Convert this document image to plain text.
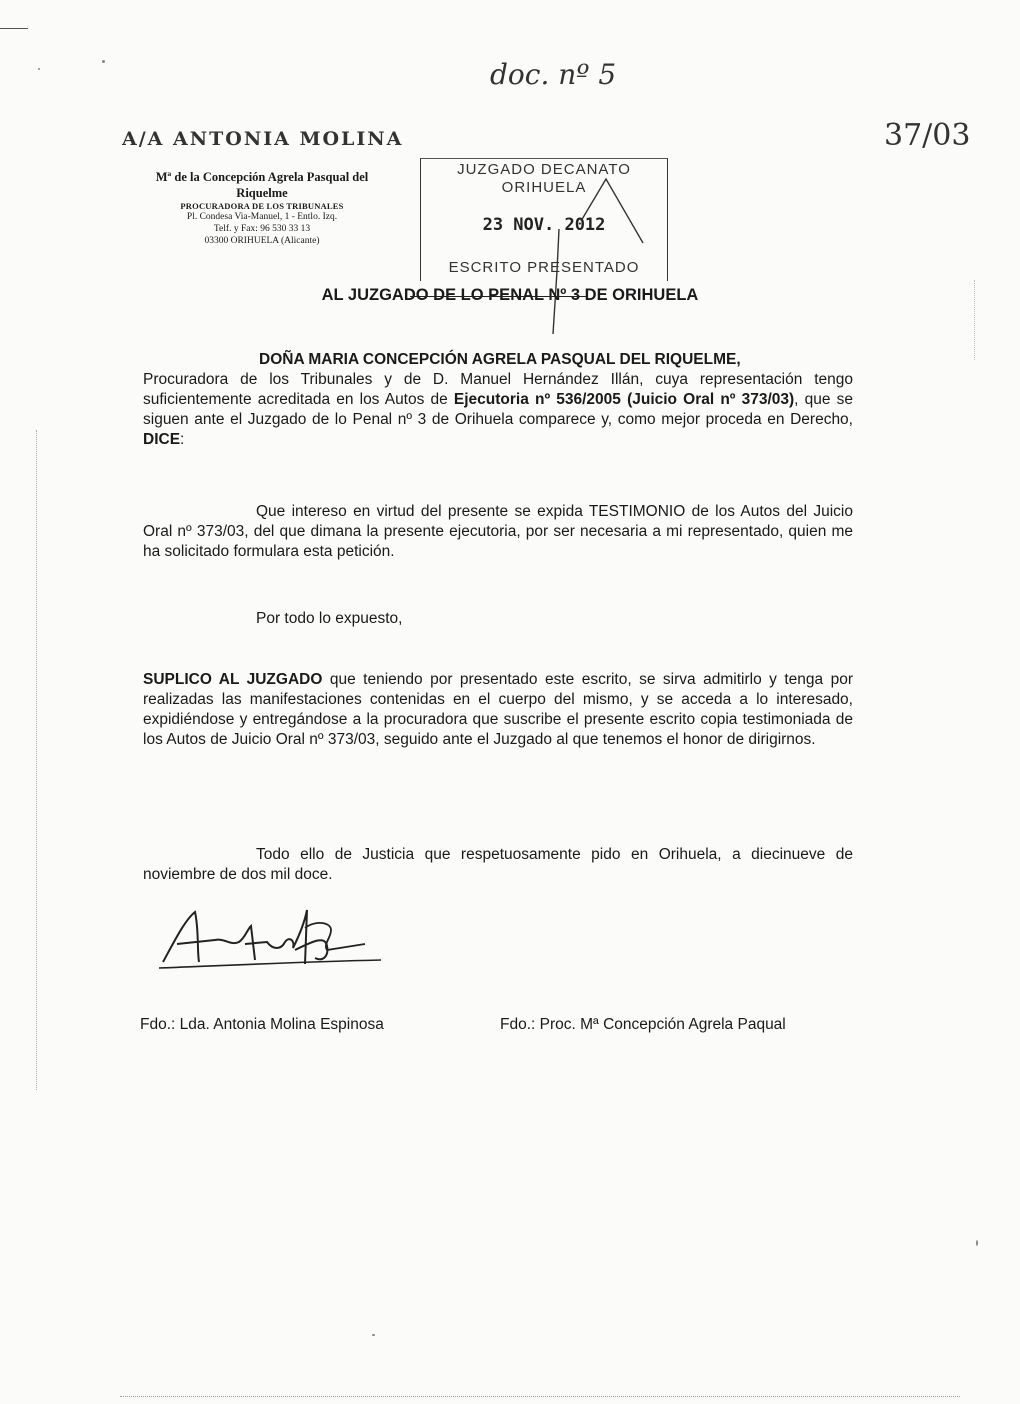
doc. nº 5
37/03
A/A ANTONIA MOLINA
Mª de la Concepción Agrela Pasqual del Riquelme
PROCURADORA DE LOS TRIBUNALES
Pl. Condesa Via-Manuel, 1 - Entlo. Izq.
Telf. y Fax: 96 530 33 13
03300 ORIHUELA (Alicante)
JUZGADO DECANATO
ORIHUELA
23 NOV. 2012
ESCRITO PRESENTADO
AL JUZGADO DE LO PENAL Nº 3 DE ORIHUELA
DOÑA MARIA CONCEPCIÓN AGRELA PASQUAL DEL RIQUELME,
Procuradora de los Tribunales y de D. Manuel Hernández Illán, cuya representación tengo suficientemente acreditada en los Autos de Ejecutoria nº 536/2005 (Juicio Oral nº 373/03), que se siguen ante el Juzgado de lo Penal nº 3 de Orihuela comparece y, como mejor proceda en Derecho, DICE:
Que intereso en virtud del presente se expida TESTIMONIO de los Autos del Juicio Oral nº 373/03, del que dimana la presente ejecutoria, por ser necesaria a mi representado, quien me ha solicitado formulara esta petición.
Por todo lo expuesto,
SUPLICO AL JUZGADO que teniendo por presentado este escrito, se sirva admitirlo y tenga por realizadas las manifestaciones contenidas en el cuerpo del mismo, y se acceda a lo interesado, expidiéndose y entregándose a la procuradora que suscribe el presente escrito copia testimoniada de los Autos de Juicio Oral nº 373/03, seguido ante el Juzgado al que tenemos el honor de dirigirnos.
Todo ello de Justicia que respetuosamente pido en Orihuela, a diecinueve de noviembre de dos mil doce.
Fdo.: Lda. Antonia Molina Espinosa	Fdo.: Proc. Mª Concepción Agrela Paqual
